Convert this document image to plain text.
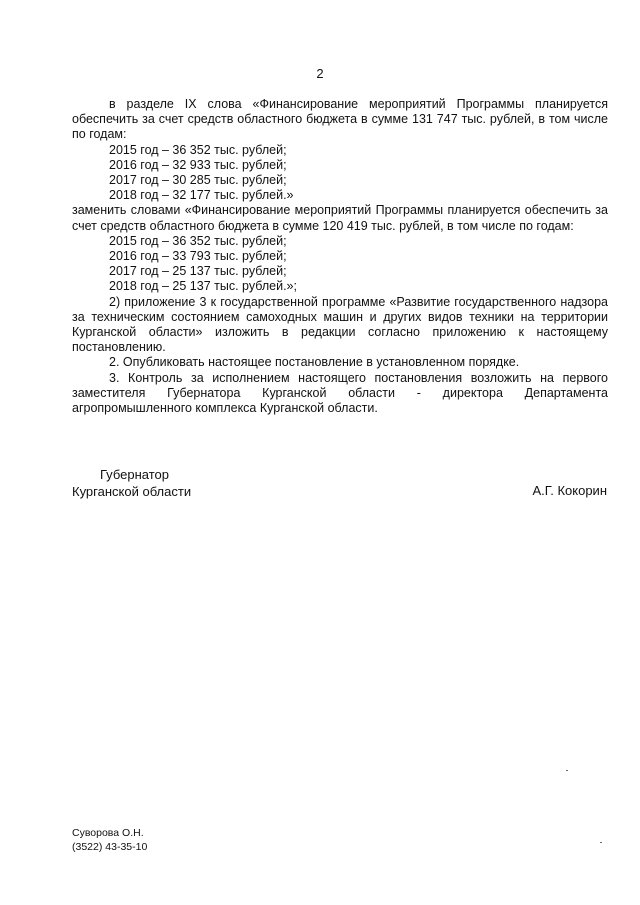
2

в разделе IX слова «Финансирование мероприятий Программы планируется обеспечить за счет средств областного бюджета в сумме 131 747 тыс. рублей, в том числе по годам:

2015 год – 36 352 тыс. рублей;

2016 год – 32 933 тыс. рублей;

2017 год – 30 285 тыс. рублей;

2018 год – 32 177 тыс. рублей.»

заменить словами «Финансирование мероприятий Программы планируется обеспечить за счет средств областного бюджета в сумме 120 419 тыс. рублей, в том числе по годам:

2015 год – 36 352 тыс. рублей;

2016 год – 33 793 тыс. рублей;

2017 год – 25 137 тыс. рублей;

2018 год – 25 137 тыс. рублей.»;

2) приложение 3 к государственной программе «Развитие государственного надзора за техническим состоянием самоходных машин и других видов техники на территории Курганской области» изложить в редакции согласно приложению к настоящему постановлению.

2. Опубликовать настоящее постановление в установленном порядке.

3. Контроль за исполнением настоящего постановления возложить на первого заместителя Губернатора Курганской области - директора Департамента агропромышленного комплекса Курганской области.

Губернатор
Курганской области	А.Г. Кокорин
Суворова О.Н.
(3522) 43-35-10
